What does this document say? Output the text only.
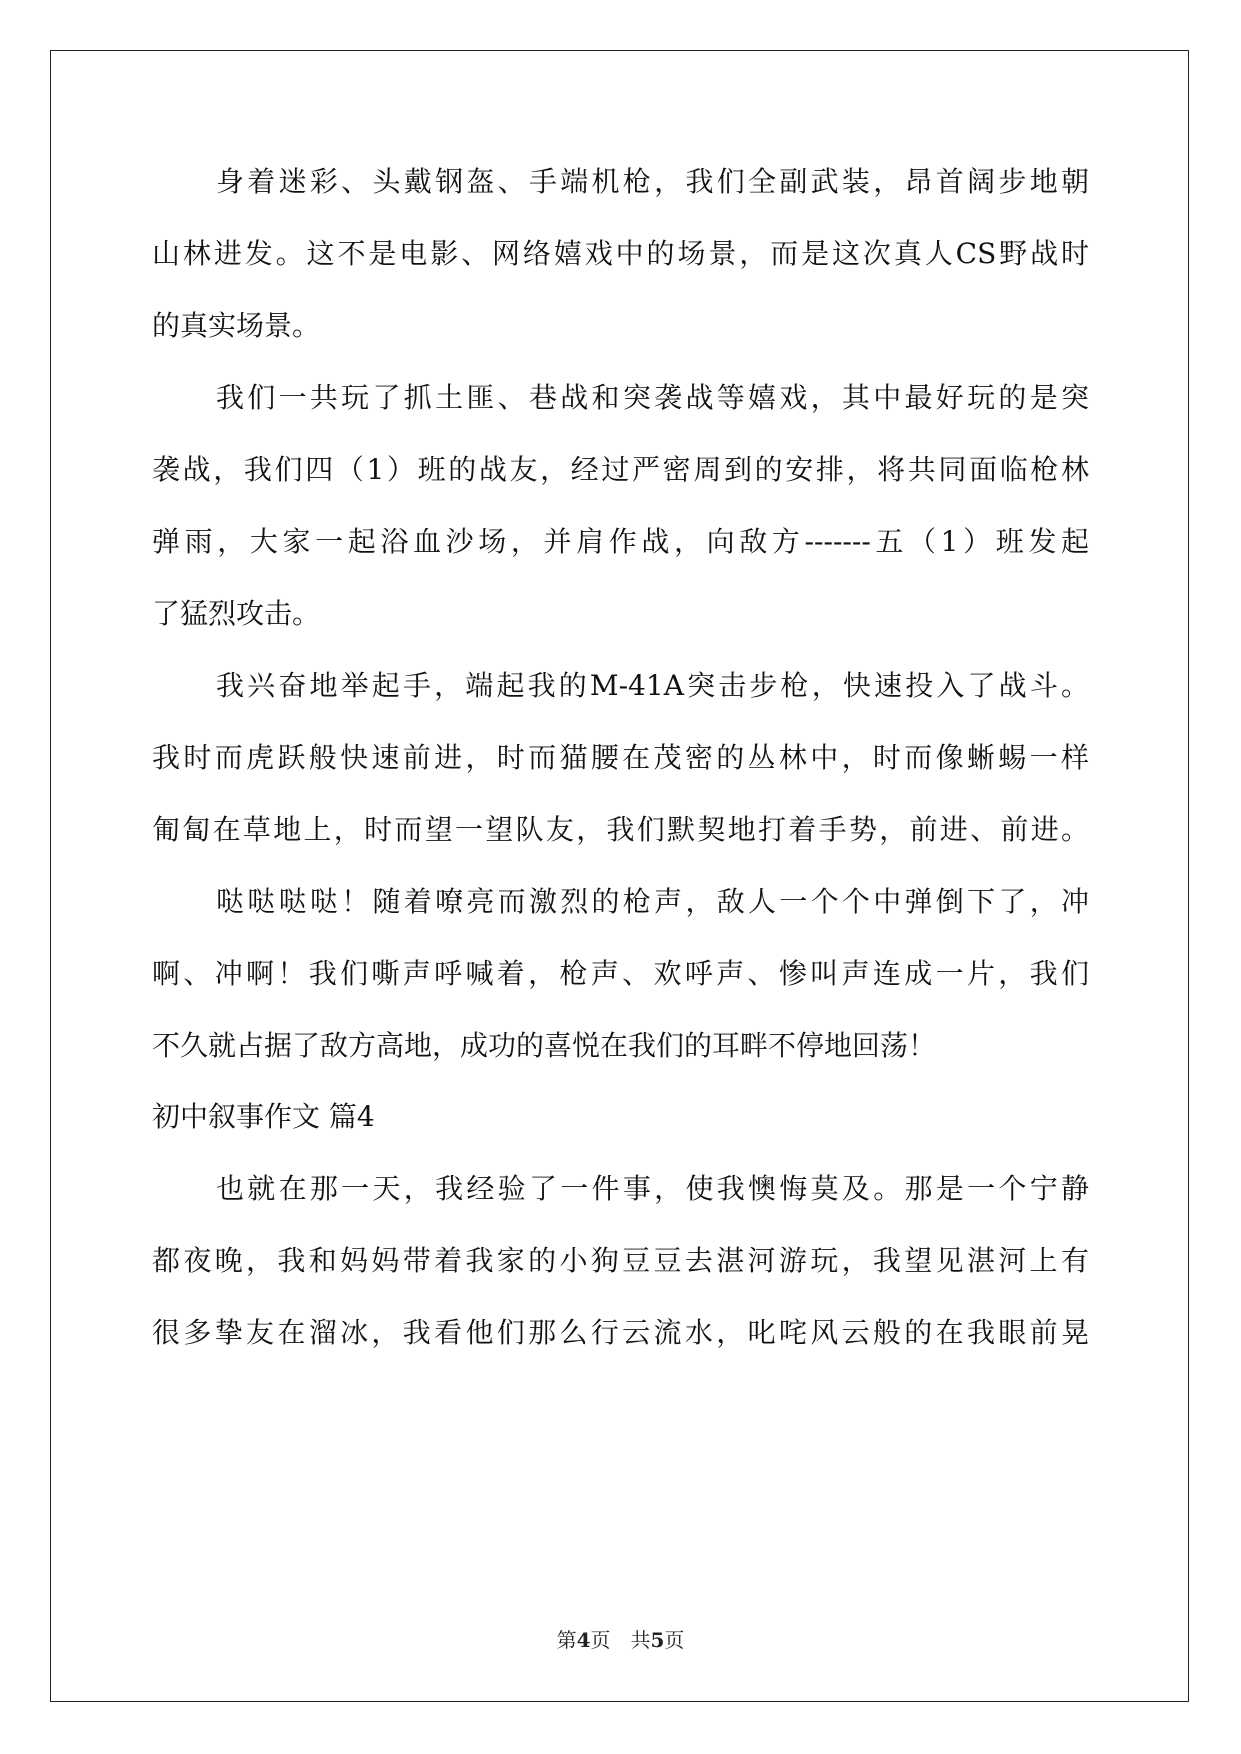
身着迷彩、头戴钢盔、手端机枪，我们全副武装，昂首阔步地朝
山林进发。这不是电影、网络嬉戏中的场景，而是这次真人CS野战时
的真实场景。
我们一共玩了抓土匪、巷战和突袭战等嬉戏，其中最好玩的是突
袭战，我们四（1）班的战友，经过严密周到的安排，将共同面临枪林
弹雨，大家一起浴血沙场，并肩作战，向敌方-------五（1）班发起
了猛烈攻击。
我兴奋地举起手，端起我的M-41A突击步枪，快速投入了战斗。
我时而虎跃般快速前进，时而猫腰在茂密的丛林中，时而像蜥蜴一样
匍匐在草地上，时而望一望队友，我们默契地打着手势，前进、前进。
哒哒哒哒！随着嘹亮而激烈的枪声，敌人一个个中弹倒下了，冲
啊、冲啊！我们嘶声呼喊着，枪声、欢呼声、惨叫声连成一片，我们
不久就占据了敌方高地，成功的喜悦在我们的耳畔不停地回荡！
初中叙事作文 篇4
也就在那一天，我经验了一件事，使我懊悔莫及。那是一个宁静
都夜晚，我和妈妈带着我家的小狗豆豆去湛河游玩，我望见湛河上有
很多挚友在溜冰，我看他们那么行云流水，叱咤风云般的在我眼前晃
第4页　共5页
